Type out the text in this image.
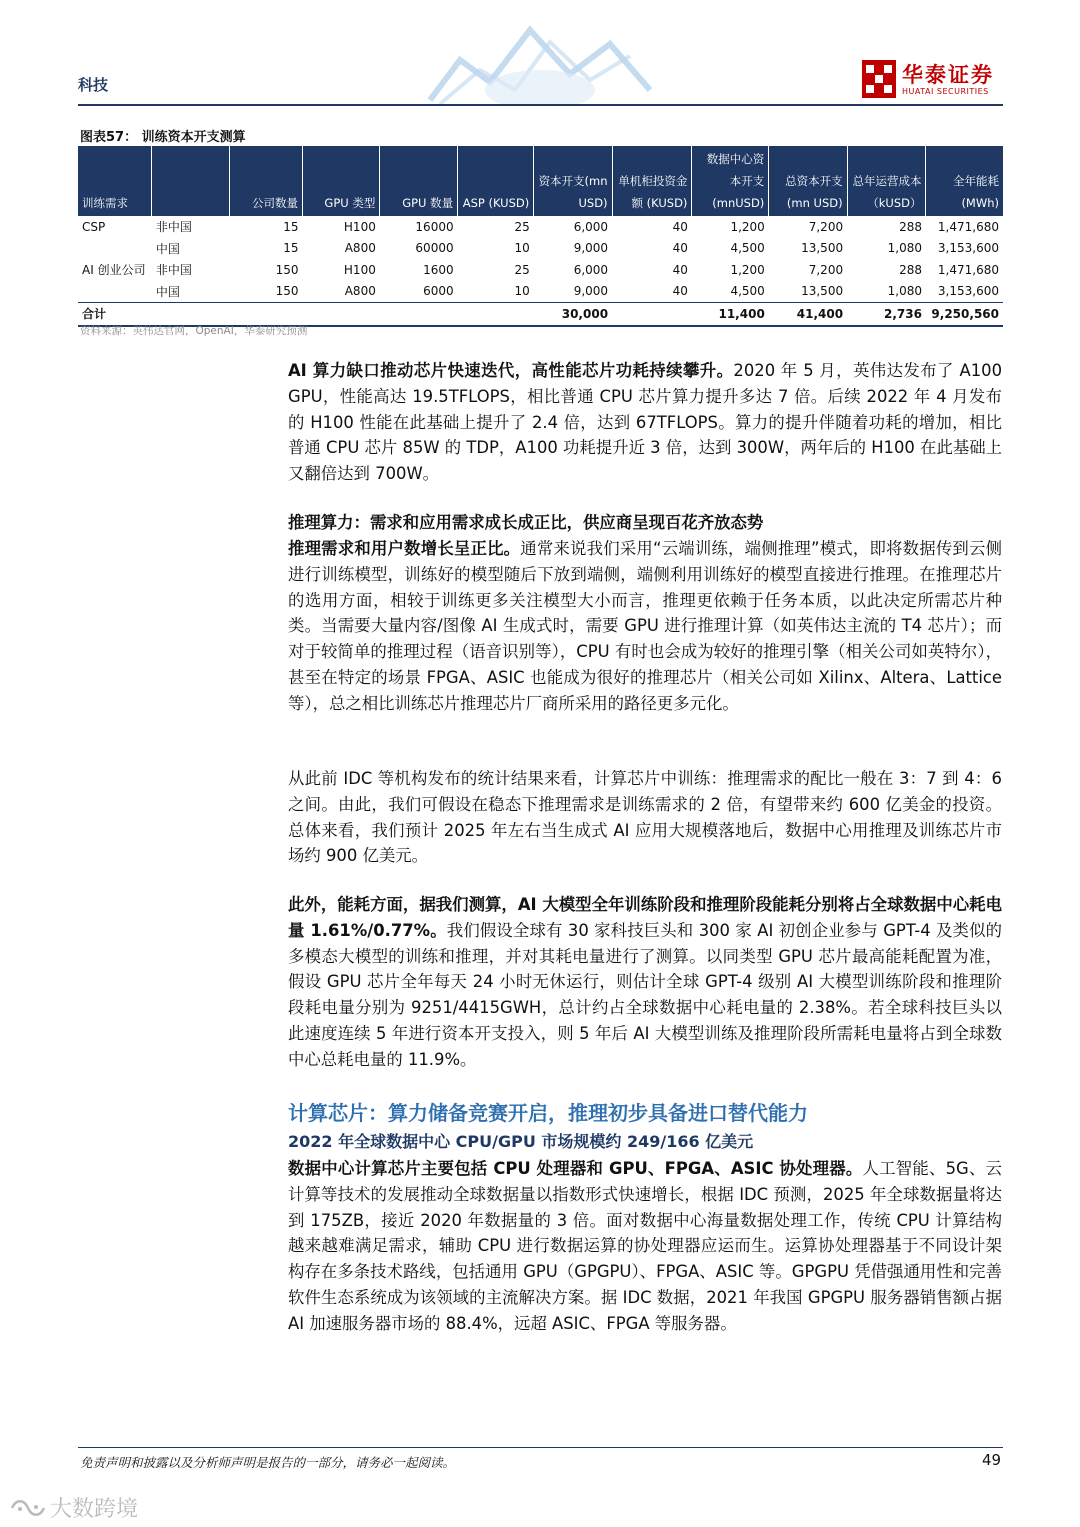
科技	华泰证券
HUATAI SECURITIES
图表57： 训练资本开支测算
训练需求		公司数量	GPU 类型	GPU 数量	ASP (KUSD)	资本开支(mn USD)	单机柜投资金额 (KUSD)	数据中心资本开支 (mnUSD)	总资本开支 (mn USD)	总年运营成本（kUSD）	全年能耗 (MWh)
CSP	非中国	15	H100	16000	25	6,000	40	1,200	7,200	288	1,471,680
	中国	15	A800	60000	10	9,000	40	4,500	13,500	1,080	3,153,600
AI 创业公司	非中国	150	H100	1600	25	6,000	40	1,200	7,200	288	1,471,680
	中国	150	A800	6000	10	9,000	40	4,500	13,500	1,080	3,153,600
合计						30,000		11,400	41,400	2,736	9,250,560
资料来源：英伟达官网，OpenAI，华泰研究预测
AI 算力缺口推动芯片快速迭代，高性能芯片功耗持续攀升。2020 年 5 月，英伟达发布了 A100 GPU，性能高达 19.5TFLOPS，相比普通 CPU 芯片算力提升多达 7 倍。后续 2022 年 4 月发布的 H100 性能在此基础上提升了 2.4 倍，达到 67TFLOPS。算力的提升伴随着功耗的增加，相比普通 CPU 芯片 85W 的 TDP，A100 功耗提升近 3 倍，达到 300W，两年后的 H100 在此基础上又翻倍达到 700W。
推理算力：需求和应用需求成长成正比，供应商呈现百花齐放态势
推理需求和用户数增长呈正比。通常来说我们采用“云端训练，端侧推理”模式，即将数据传到云侧进行训练模型，训练好的模型随后下放到端侧，端侧利用训练好的模型直接进行推理。在推理芯片的选用方面，相较于训练更多关注模型大小而言，推理更依赖于任务本质，以此决定所需芯片种类。当需要大量内容/图像 AI 生成式时，需要 GPU 进行推理计算（如英伟达主流的 T4 芯片）；而对于较简单的推理过程（语音识别等），CPU 有时也会成为较好的推理引擎（相关公司如英特尔），甚至在特定的场景 FPGA、ASIC 也能成为很好的推理芯片（相关公司如 Xilinx、Altera、Lattice 等），总之相比训练芯片推理芯片厂商所采用的路径更多元化。
从此前 IDC 等机构发布的统计结果来看，计算芯片中训练：推理需求的配比一般在 3：7 到 4：6 之间。由此，我们可假设在稳态下推理需求是训练需求的 2 倍，有望带来约 600 亿美金的投资。总体来看，我们预计 2025 年左右当生成式 AI 应用大规模落地后，数据中心用推理及训练芯片市场约 900 亿美元。
此外，能耗方面，据我们测算，AI 大模型全年训练阶段和推理阶段能耗分别将占全球数据中心耗电量 1.61%/0.77%。我们假设全球有 30 家科技巨头和 300 家 AI 初创企业参与 GPT-4 及类似的多模态大模型的训练和推理，并对其耗电量进行了测算。以同类型 GPU 芯片最高能耗配置为准，假设 GPU 芯片全年每天 24 小时无休运行，则估计全球 GPT-4 级别 AI 大模型训练阶段和推理阶段耗电量分别为 9251/4415GWH，总计约占全球数据中心耗电量的 2.38%。若全球科技巨头以此速度连续 5 年进行资本开支投入，则 5 年后 AI 大模型训练及推理阶段所需耗电量将占到全球数中心总耗电量的 11.9%。
计算芯片：算力储备竞赛开启，推理初步具备进口替代能力
2022 年全球数据中心 CPU/GPU 市场规模约 249/166 亿美元
数据中心计算芯片主要包括 CPU 处理器和 GPU、FPGA、ASIC 协处理器。人工智能、5G、云计算等技术的发展推动全球数据量以指数形式快速增长，根据 IDC 预测，2025 年全球数据量将达到 175ZB，接近 2020 年数据量的 3 倍。面对数据中心海量数据处理工作，传统 CPU 计算结构越来越难满足需求，辅助 CPU 进行数据运算的协处理器应运而生。运算协处理器基于不同设计架构存在多条技术路线，包括通用 GPU（GPGPU）、FPGA、ASIC 等。GPGPU 凭借强通用性和完善软件生态系统成为该领域的主流解决方案。据 IDC 数据，2021 年我国 GPGPU 服务器销售额占据 AI 加速服务器市场的 88.4%，远超 ASIC、FPGA 等服务器。
免责声明和披露以及分析师声明是报告的一部分，请务必一起阅读。	49
大数跨境
